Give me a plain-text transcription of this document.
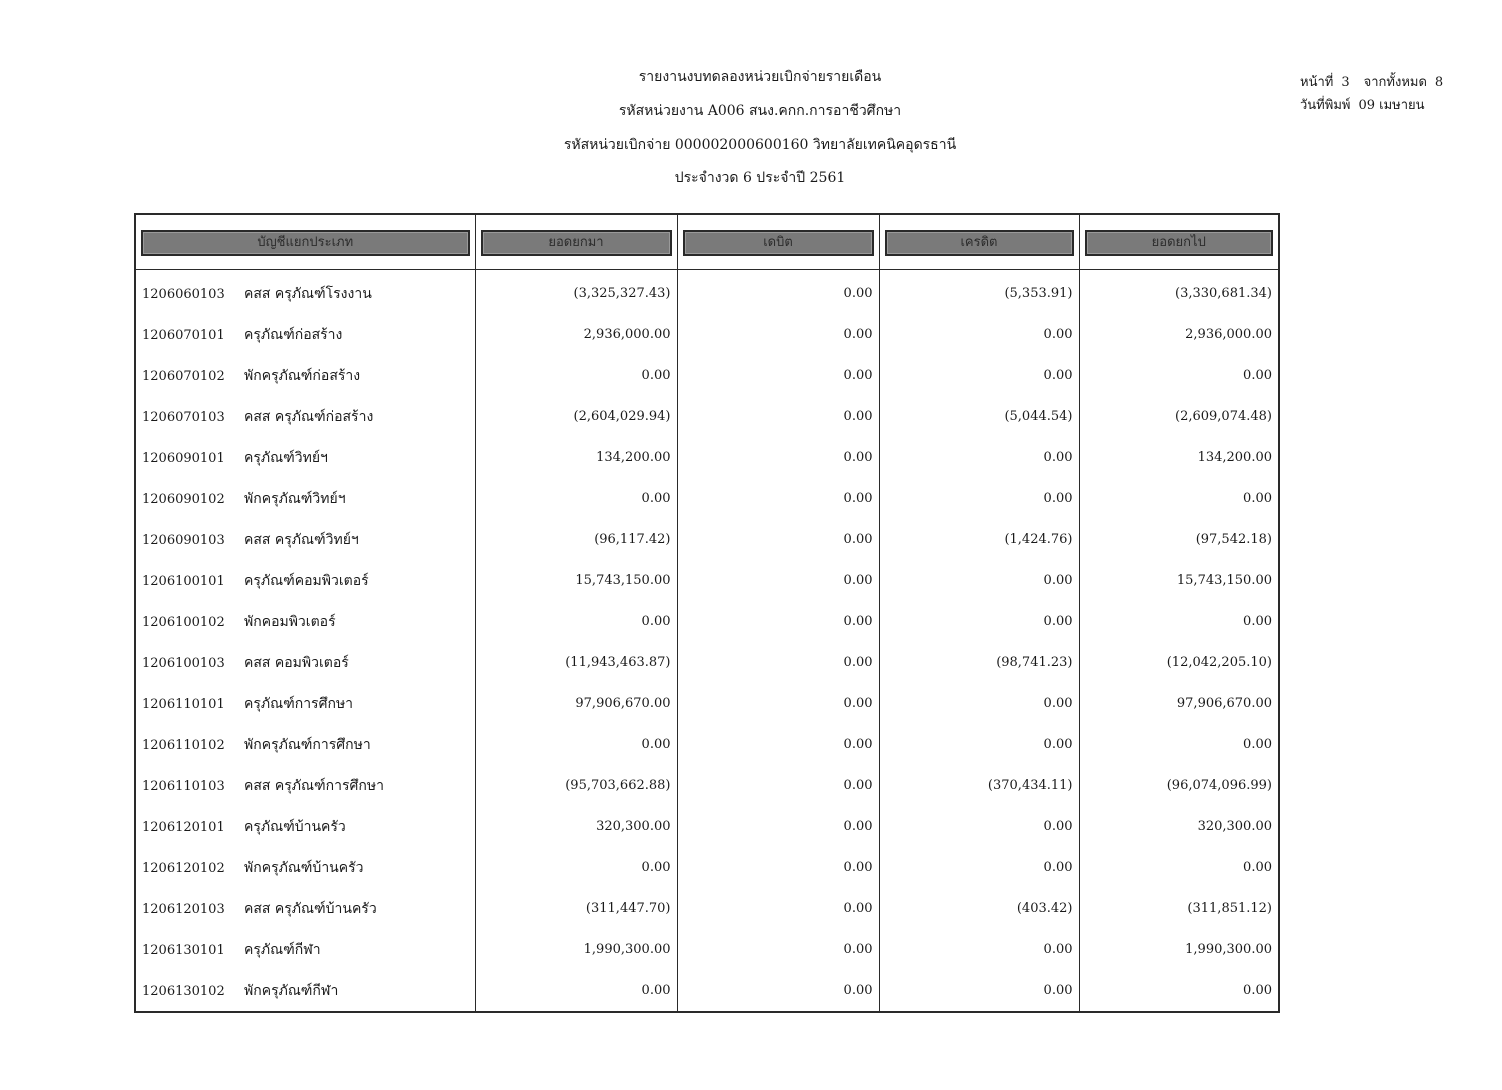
รายงานงบทดลองหน่วยเบิกจ่ายรายเดือน
รหัสหน่วยงาน A006 สนง.คกก.การอาชีวศึกษา
รหัสหน่วยเบิกจ่าย 000002000600160 วิทยาลัยเทคนิคอุดรธานี
ประจำงวด 6 ประจำปี 2561
หน้าที่ 3 จากทั้งหมด 8
วันที่พิมพ์ 09 เมษายน
บัญชีแยกประเภท	ยอดยกมา	เดบิต	เครดิต	ยอดยกไป

1206060103 คสส ครุภัณฑ์โรงงาน	(3,325,327.43)	0.00	(5,353.91)	(3,330,681.34)
1206070101 ครุภัณฑ์ก่อสร้าง	2,936,000.00	0.00	0.00	2,936,000.00
1206070102 พักครุภัณฑ์ก่อสร้าง	0.00	0.00	0.00	0.00
1206070103 คสส ครุภัณฑ์ก่อสร้าง	(2,604,029.94)	0.00	(5,044.54)	(2,609,074.48)
1206090101 ครุภัณฑ์วิทย์ฯ	134,200.00	0.00	0.00	134,200.00
1206090102 พักครุภัณฑ์วิทย์ฯ	0.00	0.00	0.00	0.00
1206090103 คสส ครุภัณฑ์วิทย์ฯ	(96,117.42)	0.00	(1,424.76)	(97,542.18)
1206100101 ครุภัณฑ์คอมพิวเตอร์	15,743,150.00	0.00	0.00	15,743,150.00
1206100102 พักคอมพิวเตอร์	0.00	0.00	0.00	0.00
1206100103 คสส คอมพิวเตอร์	(11,943,463.87)	0.00	(98,741.23)	(12,042,205.10)
1206110101 ครุภัณฑ์การศึกษา	97,906,670.00	0.00	0.00	97,906,670.00
1206110102 พักครุภัณฑ์การศึกษา	0.00	0.00	0.00	0.00
1206110103 คสส ครุภัณฑ์การศึกษา	(95,703,662.88)	0.00	(370,434.11)	(96,074,096.99)
1206120101 ครุภัณฑ์บ้านครัว	320,300.00	0.00	0.00	320,300.00
1206120102 พักครุภัณฑ์บ้านครัว	0.00	0.00	0.00	0.00
1206120103 คสส ครุภัณฑ์บ้านครัว	(311,447.70)	0.00	(403.42)	(311,851.12)
1206130101 ครุภัณฑ์กีฬา	1,990,300.00	0.00	0.00	1,990,300.00
1206130102 พักครุภัณฑ์กีฬา	0.00	0.00	0.00	0.00
